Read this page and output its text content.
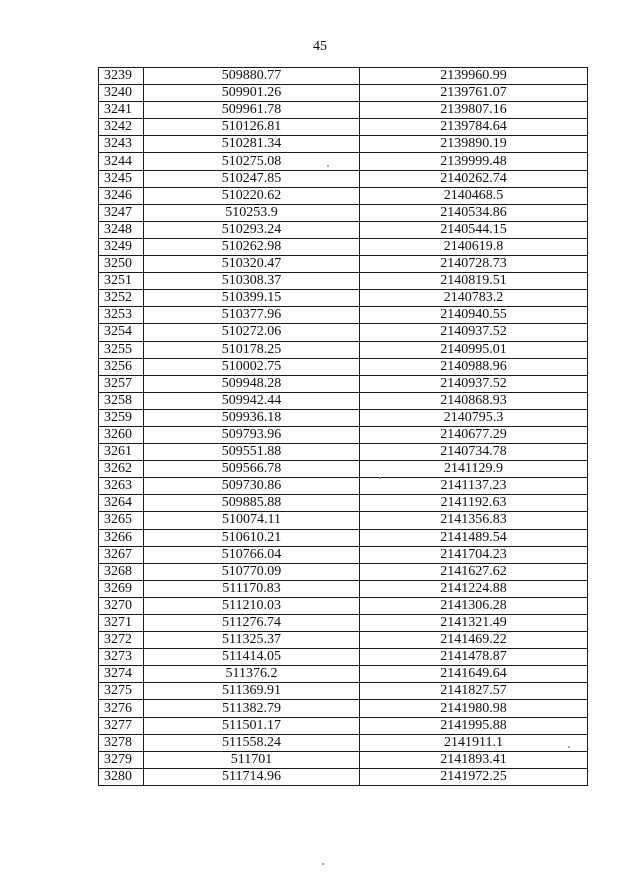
45
3239	509880.77	2139960.99
3240	509901.26	2139761.07
3241	509961.78	2139807.16
3242	510126.81	2139784.64
3243	510281.34	2139890.19
3244	510275.08	2139999.48
3245	510247.85	2140262.74
3246	510220.62	2140468.5
3247	510253.9	2140534.86
3248	510293.24	2140544.15
3249	510262.98	2140619.8
3250	510320.47	2140728.73
3251	510308.37	2140819.51
3252	510399.15	2140783.2
3253	510377.96	2140940.55
3254	510272.06	2140937.52
3255	510178.25	2140995.01
3256	510002.75	2140988.96
3257	509948.28	2140937.52
3258	509942.44	2140868.93
3259	509936.18	2140795.3
3260	509793.96	2140677.29
3261	509551.88	2140734.78
3262	509566.78	2141129.9
3263	509730.86	2141137.23
3264	509885.88	2141192.63
3265	510074.11	2141356.83
3266	510610.21	2141489.54
3267	510766.04	2141704.23
3268	510770.09	2141627.62
3269	511170.83	2141224.88
3270	511210.03	2141306.28
3271	511276.74	2141321.49
3272	511325.37	2141469.22
3273	511414.05	2141478.87
3274	511376.2	2141649.64
3275	511369.91	2141827.57
3276	511382.79	2141980.98
3277	511501.17	2141995.88
3278	511558.24	2141911.1
3279	511701	2141893.41
3280	511714.96	2141972.25
